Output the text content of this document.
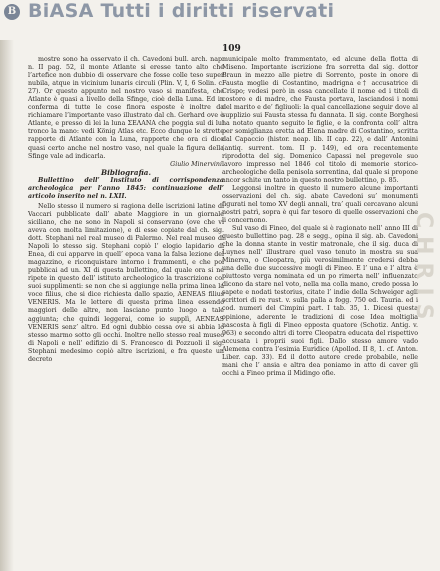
B BiASA Tutti i diritti riservati
109

mostre sono ha osservato il ch. Cavedoni bull. arch. nap. n. II pag. 52, il monte Atlante si eresse tanto alto che l’artefice non dubbio di osservare che fosse colle teso super nubila, atque in vicinium lunaris circuli (Plin. V, I, 6 Solin. c. 27). Or questo appunto nel nostro vaso si manifesta, che Atlante è quasi a livello della Sfinge, cioè della Luna. Ed in conferma di tutte le cose finora esposte è inoltre da richiamare l’importante vaso illustrato dal ch. Gerhard ove è Atlante, e presso di lei la luna ΣΕΛΑΝΑ che poggia sul di lui tronco la mano: vedi König Atlas etc. Ecco dunque le strette rapporte di Atlante con la Luna, rapporte che ora ci dice quasi certo anche nel nostro vaso, nel quale la figura della Sfinge vale ad indicarla.

Giulio Minervini.

Bibliografia.

Bullettino dell’ Instituto di corrispondenza archeologica per l’anno 1845: continuazione dell’ articolo inserito nel n. LXII.

Nello stesso il numero si ragiona delle iscrizioni latine di Vaccari pubblicate dall’ abate Maggiore in un giornale siciliano, che ne sono in Napoli si conservano (ove che vi aveva con molta limitazione), e di esse copiate dal ch. sig. dott. Stephani nel real museo di Palermo. Nel real museo di Napoli lo stesso sig. Stephani copiò l’ elogio lapidario di Enea, di cui apparve in quell’ epoca vana la falsa lezione del magazzino, e riconquistare intorno i frammenti, e che poi pubblicai ad un. XI di questa bullettino, dal quale ora si ne ripete in questo dell’ istituto archeologico la trascrizione co’ suoi supplimenti: se non che si aggiunge nella prima linea la voce filius, che si dice richiesta dallo spazio, AENEAS filius VENERIS. Ma le lettere di questa prima linea essendo maggiori delle altre, non lasciano punto luogo a tale aggiunta; che quindi leggerai, come io supplì, AENEAS VENERIS senz’ altro. Ed ogni dubbio cessa ove si abbia lo stesso marmo sotto gli occhi. Inoltre nello stesso real museo di Napoli e nell’ edifizio di S. Francesco di Pozzuoli il sig. Stephani medesimo copiò altre iscrizioni, e fra queste un decreto

municipale molto frammentato, ed alcune della flotta di Miseno. Importante iscrizione fra sorretta dal sig. dottor Braun in mezzo alle pietre di Sorrento, poste in onore di Fausta moglie di Costantino, madrigna e† accusatrice di Crispo; vedesi però in essa cancellate il nome ed i titoli di costoro e di madre, che Fausta portava, lasciandosi i nomi del marito e de’ figliuoli: la qual cancellazione seguir dove al supplizio sui Fausta stessa fu dannata. Il sig. conte Borghesi ha notato quanto seguito le figlie, e la confronta coll’ altra per somiglianza eretta ad Elena madre di Costantino, scritta dal Capaccio (histor. neap. lib. II cap. 22), e dall’ Antonini (antiq. surrent. tom. II p. 149), ed ora recentemente riprodotta del sig. Domenico Capassi nel pregevole suo lavoro impresso nel 1846 col titolo di memorie storico-archeologiche della penisola sorrentina, dal quale si propone ancor schite un tanto in questo nostro bullettino, p. 85.

Leggonsi inoltre in questo il numero alcune importanti osservazioni del ch. sig. abate Cavedoni su’ monumenti figurati nel tomo XV degli annali, tra’ quali cercavano alcuni nostri patrì, sopra è qui far tesoro di quelle osservazioni che li concernono.

Sul vaso di Fineo, del quale si è ragionato nell’ anno III di questo bullettino pag. 28 e segg., opina il sig. ab. Cavedoni che la donna stante in vestir matronale, che il sig. duca di Luynes nell’ illustrare quel vaso tenuto in mostra su sua Minerva, o Cleopatra, più verosimilmente credersi debba una delle due successive mogli di Fineo. E l’ una e l’ altra è piuttosto verga nominata ed un po rimerta nell’ influenzato dicono da stare nel voto, nella ma colla mano, credo possa lo sapete e nodati testorius, citate l’ indie della Schweiger agli scrittori di re rust. v. sulla palla a fogg. 750 ed. Tauria. ed i cod. numeri del Cimpini part. I tab. 35, 1. Dicesi questa opinione, aderente le tradizioni di cose Idea moltiglia nascosta à figli di Fineo epposta quatore (Schotiz. Antig. v. 963) e secondo altri di torre Cleopatra educata del rispettivo accusata i proprii suoi figli. Dallo stesso amore vado Alemena contra l’esimia Euridice (Apollod. II 8, 1. cf. Anton. Liber. cap. 33). Ed il dotto autore crede probabile, nelle mani che l’ ansia e altra dea poniamo in atto di caver gli occhi a Fineo prima il Midingo ofie.

CHRIS
